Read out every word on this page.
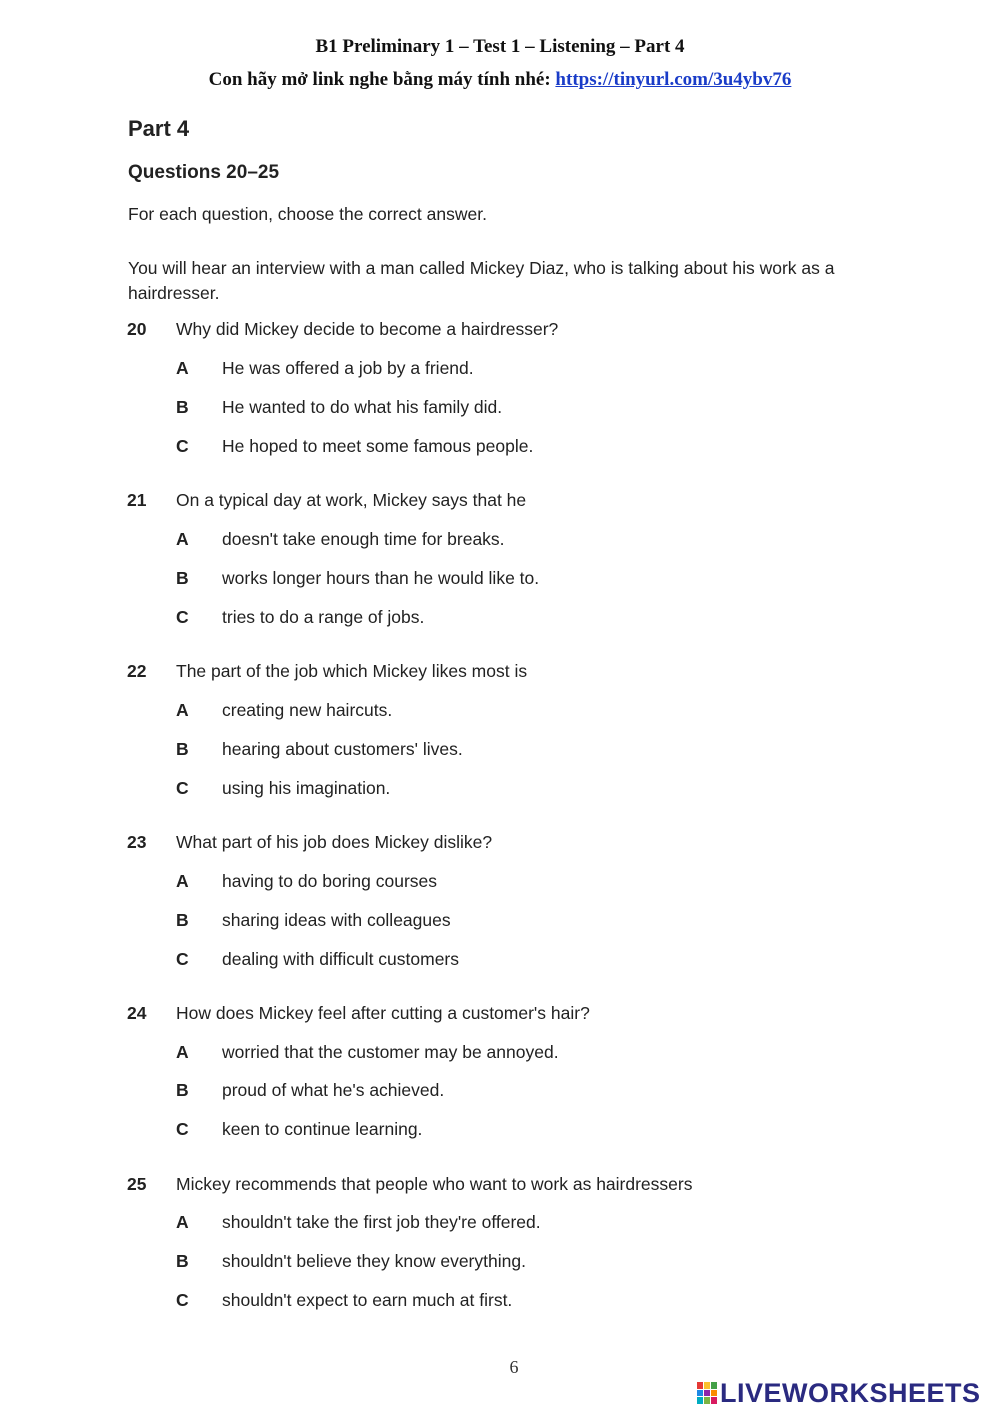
B1 Preliminary 1 – Test 1 – Listening – Part 4
Con hãy mở link nghe bằng máy tính nhé: https://tinyurl.com/3u4ybv76
Part 4
Questions 20–25
For each question, choose the correct answer.
You will hear an interview with a man called Mickey Diaz, who is talking about his work as a hairdresser.
20 Why did Mickey decide to become a hairdresser?
A He was offered a job by a friend.
B He wanted to do what his family did.
C He hoped to meet some famous people.
21 On a typical day at work, Mickey says that he
A doesn't take enough time for breaks.
B works longer hours than he would like to.
C tries to do a range of jobs.
22 The part of the job which Mickey likes most is
A creating new haircuts.
B hearing about customers' lives.
C using his imagination.
23 What part of his job does Mickey dislike?
A having to do boring courses
B sharing ideas with colleagues
C dealing with difficult customers
24 How does Mickey feel after cutting a customer's hair?
A worried that the customer may be annoyed.
B proud of what he's achieved.
C keen to continue learning.
25 Mickey recommends that people who want to work as hairdressers
A shouldn't take the first job they're offered.
B shouldn't believe they know everything.
C shouldn't expect to earn much at first.
6
LIVEWORKSHEETS
